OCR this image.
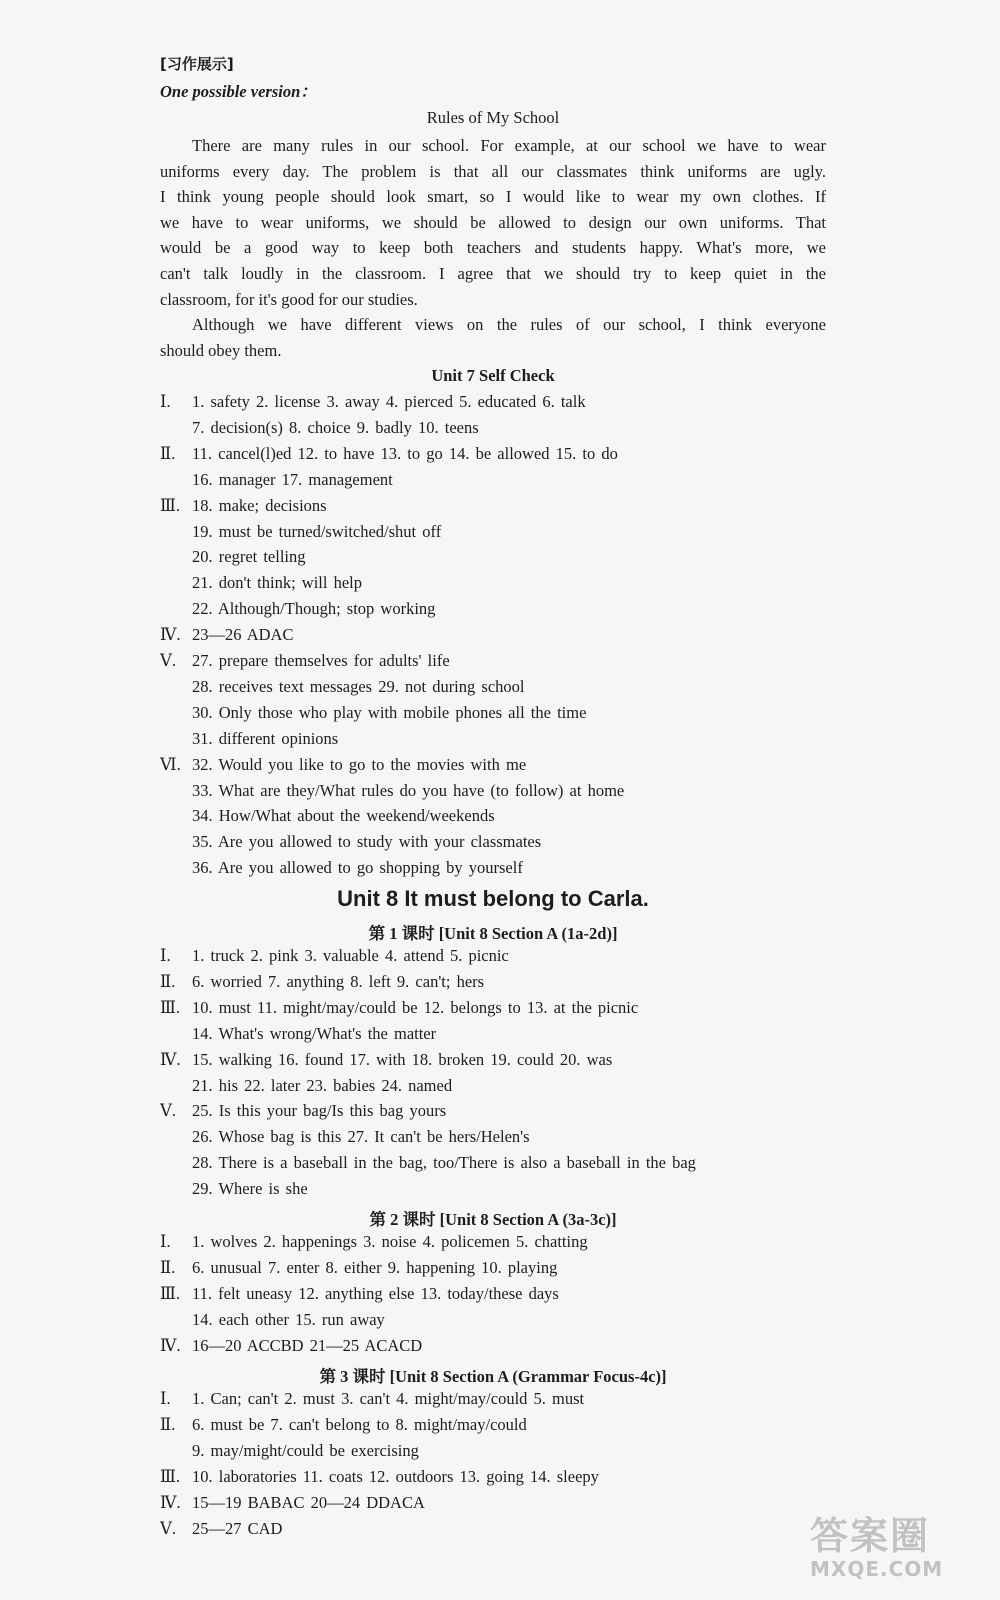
[习作展示]
One possible version：
Rules of My School
There are many rules in our school. For example, at our school we have to wear
uniforms every day. The problem is that all our classmates think uniforms are ugly.
I think young people should look smart, so I would like to wear my own clothes. If
we have to wear uniforms, we should be allowed to design our own uniforms. That
would be a good way to keep both teachers and students happy. What's more, we
can't talk loudly in the classroom. I agree that we should try to keep quiet in the
classroom, for it's good for our studies.
Although we have different views on the rules of our school, I think everyone
should obey them.
Unit 7 Self Check
Ⅰ.	1. safety 2. license 3. away 4. pierced 5. educated 6. talk
7. decision(s) 8. choice 9. badly 10. teens
Ⅱ.	11. cancel(l)ed 12. to have 13. to go 14. be allowed 15. to do
16. manager 17. management
Ⅲ. 18. make; decisions
19. must be turned/switched/shut off
20. regret telling
21. don't think; will help
22. Although/Though; stop working
Ⅳ. 23—26 ADAC
Ⅴ. 27. prepare themselves for adults' life
28. receives text messages 29. not during school
30. Only those who play with mobile phones all the time
31. different opinions
Ⅵ. 32. Would you like to go to the movies with me
33. What are they/What rules do you have (to follow) at home
34. How/What about the weekend/weekends
35. Are you allowed to study with your classmates
36. Are you allowed to go shopping by yourself
Unit 8 It must belong to Carla.
第 1 课时 [Unit 8 Section A (1a-2d)]
Ⅰ.	1. truck 2. pink 3. valuable 4. attend 5. picnic
Ⅱ.	6. worried 7. anything 8. left 9. can't; hers
Ⅲ. 10. must 11. might/may/could be 12. belongs to 13. at the picnic
14. What's wrong/What's the matter
Ⅳ. 15. walking 16. found 17. with 18. broken 19. could 20. was
21. his 22. later 23. babies 24. named
Ⅴ. 25. Is this your bag/Is this bag yours
26. Whose bag is this 27. It can't be hers/Helen's
28. There is a baseball in the bag, too/There is also a baseball in the bag
29. Where is she
第 2 课时 [Unit 8 Section A (3a-3c)]
Ⅰ.	1. wolves 2. happenings 3. noise 4. policemen 5. chatting
Ⅱ.	6. unusual 7. enter 8. either 9. happening 10. playing
Ⅲ. 11. felt uneasy 12. anything else 13. today/these days
14. each other 15. run away
Ⅳ. 16—20 ACCBD 21—25 ACACD
第 3 课时 [Unit 8 Section A (Grammar Focus-4c)]
Ⅰ.	1. Can; can't 2. must 3. can't 4. might/may/could 5. must
Ⅱ.	6. must be 7. can't belong to 8. might/may/could
9. may/might/could be exercising
Ⅲ. 10. laboratories 11. coats 12. outdoors 13. going 14. sleepy
Ⅳ. 15—19 BABAC 20—24 DDACA
Ⅴ. 25—27 CAD	答案圈
MXQE.COM
